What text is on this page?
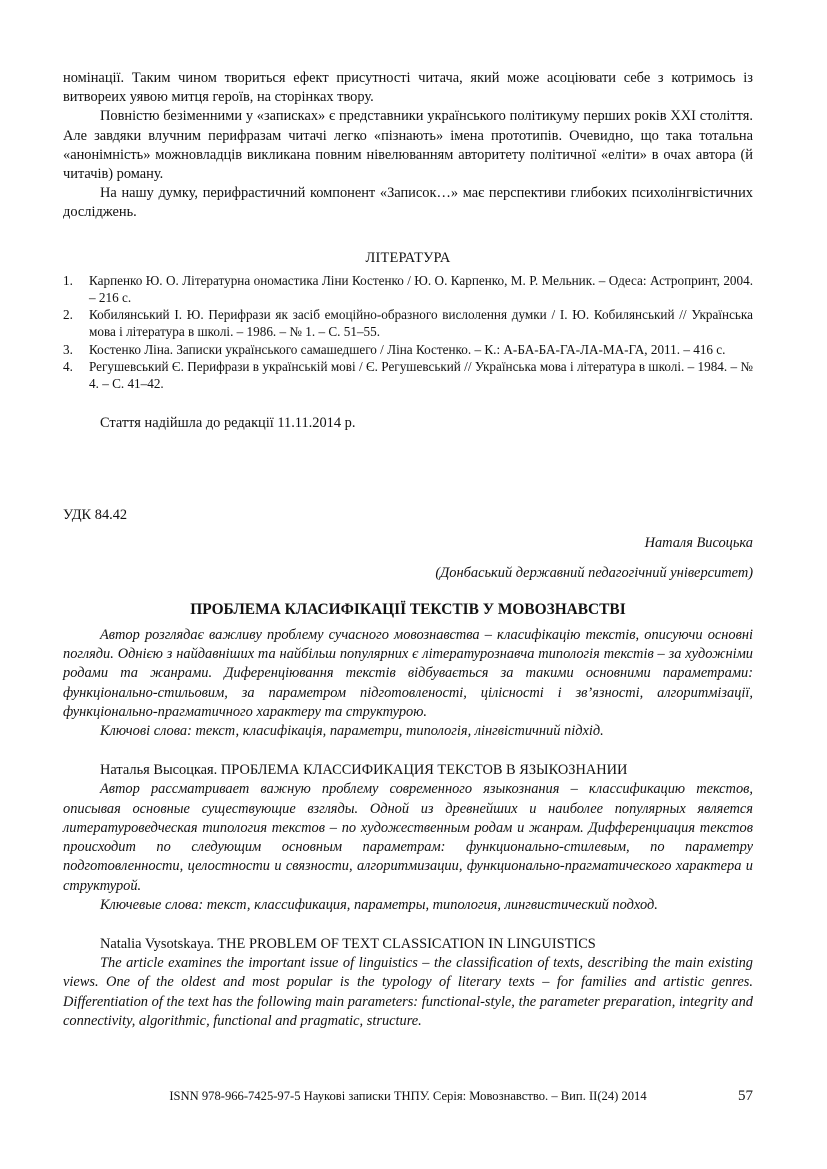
номінації. Таким чином твориться ефект присутності читача, який може асоціювати себе з котримось із витвореих уявою митця героїв, на сторінках твору.

Повністю безіменними у «записках» є представники українського політикуму перших років XXI століття. Але завдяки влучним перифразам читачі легко «пізнають» імена прототипів. Очевидно, що така тотальна «анонімність» можновладців викликана повним нівелюванням авторитету політичної «еліти» в очах автора (й читачів) роману.

На нашу думку, перифрастичний компонент «Записок…» має перспективи глибоких психолінгвістичних досліджень.

ЛІТЕРАТУРА

1. Карпенко Ю. О. Літературна ономастика Ліни Костенко / Ю. О. Карпенко, М. Р. Мельник. – Одеса: Астропринт, 2004. – 216 с.
2. Кобилянський І. Ю. Перифрази як засіб емоційно-образного вислолення думки / І. Ю. Кобилянський // Українська мова і література в школі. – 1986. – № 1. – С. 51–55.
3. Костенко Ліна. Записки українського самашедшего / Ліна Костенко. – К.: А-БА-БА-ГА-ЛА-МА-ГА, 2011. – 416 с.
4. Регушевський Є. Перифрази в українській мові / Є. Регушевський // Українська мова і література в школі. – 1984. – № 4. – С. 41–42.

Стаття надійшла до редакції 11.11.2014 р.

УДК 84.42

Наталя Висоцька

(Донбаський державний педагогічний університет)

ПРОБЛЕМА КЛАСИФІКАЦІЇ ТЕКСТІВ У МОВОЗНАВСТВІ

Автор розглядає важливу проблему сучасного мовознавства – класифікацію текстів, описуючи основні погляди. Однією з найдавніших та найбільш популярних є літературознавча типологія текстів – за художніми родами та жанрами. Диференціювання текстів відбувається за такими основними параметрами: функціонально-стильовим, за параметром підготовленості, цілісності і зв’язності, алгоритмізації, функціонально-прагматичного характеру та структурою.

Ключові слова: текст, класифікація, параметри, типологія, лінгвістичний підхід.

Наталья Высоцкая. ПРОБЛЕМА КЛАССИФИКАЦИЯ ТЕКСТОВ В ЯЗЫКОЗНАНИИ

Автор рассматривает важную проблему современного языкознания – классификацию текстов, описывая основные существующие взгляды. Одной из древнейших и наиболее популярных является литературоведческая типология текстов – по художественным родам и жанрам. Дифференциация текстов происходит по следующим основным параметрам: функционально-стилевым, по параметру подготовленности, целостности и связности, алгоритмизации, функционально-прагматического характера и структурой.

Ключевые слова: текст, классификация, параметры, типология, лингвистический подход.

Natalia Vysotskaya. THE PROBLEM OF TEXT CLASSICATION IN LINGUISTICS

The article examines the important issue of linguistics – the classification of texts, describing the main existing views. One of the oldest and most popular is the typology of literary texts – for families and artistic genres. Differentiation of the text has the following main parameters: functional-style, the parameter preparation, integrity and connectivity, algorithmic, functional and pragmatic, structure.

ISNN 978-966-7425-97-5 Наукові записки ТНПУ. Серія: Мовознавство. – Вип. ІІ(24) 2014	57
